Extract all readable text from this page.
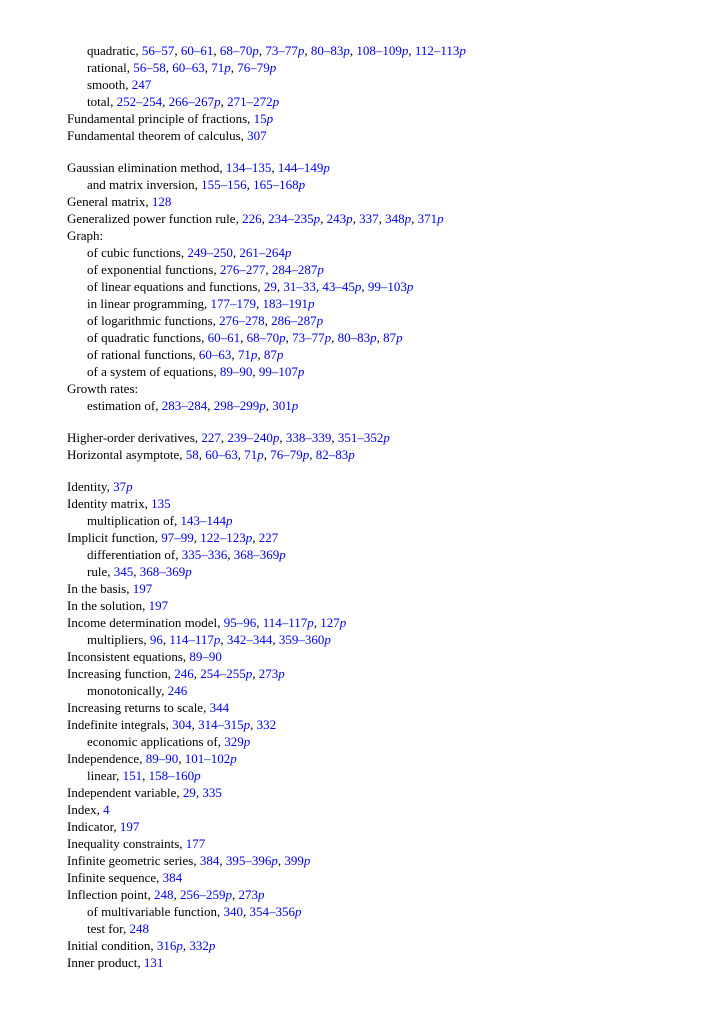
quadratic, 56–57, 60–61, 68–70p, 73–77p, 80–83p, 108–109p, 112–113p
rational, 56–58, 60–63, 71p, 76–79p
smooth, 247
total, 252–254, 266–267p, 271–272p
Fundamental principle of fractions, 15p
Fundamental theorem of calculus, 307
Gaussian elimination method, 134–135, 144–149p
and matrix inversion, 155–156, 165–168p
General matrix, 128
Generalized power function rule, 226, 234–235p, 243p, 337, 348p, 371p
Graph:
of cubic functions, 249–250, 261–264p
of exponential functions, 276–277, 284–287p
of linear equations and functions, 29, 31–33, 43–45p, 99–103p
in linear programming, 177–179, 183–191p
of logarithmic functions, 276–278, 286–287p
of quadratic functions, 60–61, 68–70p, 73–77p, 80–83p, 87p
of rational functions, 60–63, 71p, 87p
of a system of equations, 89–90, 99–107p
Growth rates:
estimation of, 283–284, 298–299p, 301p
Higher-order derivatives, 227, 239–240p, 338–339, 351–352p
Horizontal asymptote, 58, 60–63, 71p, 76–79p, 82–83p
Identity, 37p
Identity matrix, 135
multiplication of, 143–144p
Implicit function, 97–99, 122–123p, 227
differentiation of, 335–336, 368–369p
rule, 345, 368–369p
In the basis, 197
In the solution, 197
Income determination model, 95–96, 114–117p, 127p
multipliers, 96, 114–117p, 342–344, 359–360p
Inconsistent equations, 89–90
Increasing function, 246, 254–255p, 273p
monotonically, 246
Increasing returns to scale, 344
Indefinite integrals, 304, 314–315p, 332
economic applications of, 329p
Independence, 89–90, 101–102p
linear, 151, 158–160p
Independent variable, 29, 335
Index, 4
Indicator, 197
Inequality constraints, 177
Infinite geometric series, 384, 395–396p, 399p
Infinite sequence, 384
Inflection point, 248, 256–259p, 273p
of multivariable function, 340, 354–356p
test for, 248
Initial condition, 316p, 332p
Inner product, 131
